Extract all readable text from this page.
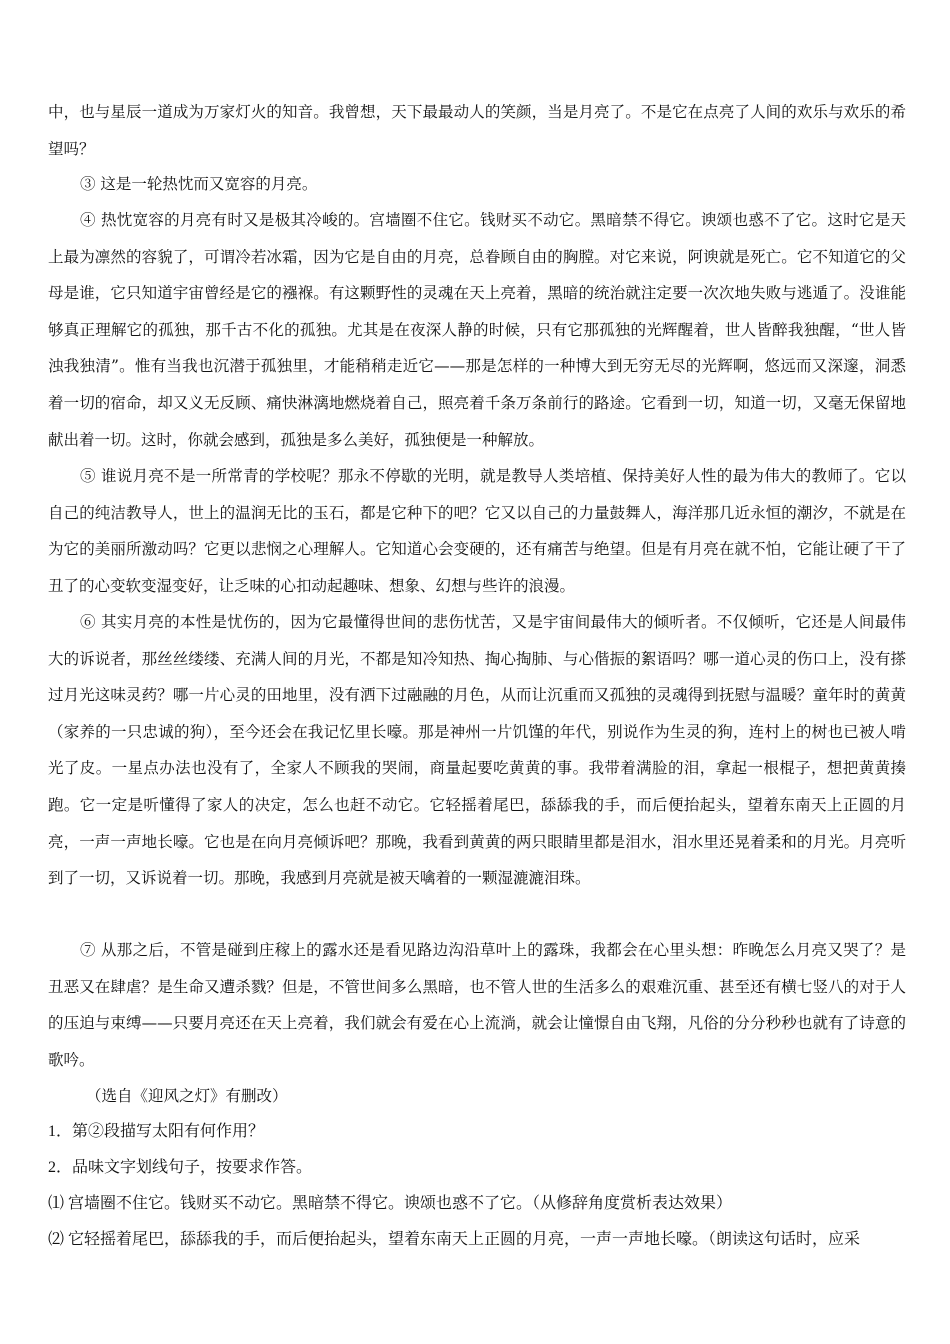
中，也与星辰一道成为万家灯火的知音。我曾想，天下最最动人的笑颜，当是月亮了。不是它在点亮了人间的欢乐与欢乐的希望吗？

③ 这是一轮热忱而又宽容的月亮。

④ 热忱宽容的月亮有时又是极其冷峻的。宫墙圈不住它。钱财买不动它。黑暗禁不得它。谀颂也惑不了它。这时它是天上最为凛然的容貌了，可谓冷若冰霜，因为它是自由的月亮，总眷顾自由的胸膛。对它来说，阿谀就是死亡。它不知道它的父母是谁，它只知道宇宙曾经是它的襁褓。有这颗野性的灵魂在天上亮着，黑暗的统治就注定要一次次地失败与逃遁了。没谁能够真正理解它的孤独，那千古不化的孤独。尤其是在夜深人静的时候，只有它那孤独的光辉醒着，世人皆醉我独醒，“世人皆浊我独清”。惟有当我也沉潜于孤独里，才能稍稍走近它——那是怎样的一种博大到无穷无尽的光辉啊，悠远而又深邃，洞悉着一切的宿命，却又义无反顾、痛快淋漓地燃烧着自己，照亮着千条万条前行的路途。它看到一切，知道一切，又毫无保留地献出着一切。这时，你就会感到，孤独是多么美好，孤独便是一种解放。

⑤ 谁说月亮不是一所常青的学校呢？那永不停歇的光明，就是教导人类培植、保持美好人性的最为伟大的教师了。它以自己的纯洁教导人，世上的温润无比的玉石，都是它种下的吧？它又以自己的力量鼓舞人，海洋那几近永恒的潮汐，不就是在为它的美丽所激动吗？它更以悲悯之心理解人。它知道心会变硬的，还有痛苦与绝望。但是有月亮在就不怕，它能让硬了干了丑了的心变软变湿变好，让乏味的心扣动起趣味、想象、幻想与些许的浪漫。

⑥ 其实月亮的本性是忧伤的，因为它最懂得世间的悲伤忧苦，又是宇宙间最伟大的倾听者。不仅倾听，它还是人间最伟大的诉说者，那丝丝缕缕、充满人间的月光，不都是知冷知热、掏心掏肺、与心偕振的絮语吗？哪一道心灵的伤口上，没有搽过月光这味灵药？哪一片心灵的田地里，没有洒下过融融的月色，从而让沉重而又孤独的灵魂得到抚慰与温暖？童年时的黄黄（家养的一只忠诚的狗），至今还会在我记忆里长嚎。那是神州一片饥馑的年代，别说作为生灵的狗，连村上的树也已被人啃光了皮。一星点办法也没有了，全家人不顾我的哭闹，商量起要吃黄黄的事。我带着满脸的泪，拿起一根棍子，想把黄黄揍跑。它一定是听懂得了家人的决定，怎么也赶不动它。它轻摇着尾巴，舔舔我的手，而后便抬起头，望着东南天上正圆的月亮，一声一声地长嚎。它也是在向月亮倾诉吧？那晚，我看到黄黄的两只眼睛里都是泪水，泪水里还晃着柔和的月光。月亮听到了一切，又诉说着一切。那晚，我感到月亮就是被天噙着的一颗湿漉漉泪珠。

⑦ 从那之后，不管是碰到庄稼上的露水还是看见路边沟沿草叶上的露珠，我都会在心里头想：昨晚怎么月亮又哭了？是丑恶又在肆虐？是生命又遭杀戮？但是，不管世间多么黑暗，也不管人世的生活多么的艰难沉重、甚至还有横七竖八的对于人的压迫与束缚——只要月亮还在天上亮着，我们就会有爱在心上流淌，就会让憧憬自由飞翔，凡俗的分分秒秒也就有了诗意的歌吟。

（选自《迎风之灯》有删改）

1．第②段描写太阳有何作用？

2．品味文字划线句子，按要求作答。

⑴ 宫墙圈不住它。钱财买不动它。黑暗禁不得它。谀颂也惑不了它。（从修辞角度赏析表达效果）

⑵ 它轻摇着尾巴，舔舔我的手，而后便抬起头，望着东南天上正圆的月亮，一声一声地长嚎。（朗读这句话时，应采
